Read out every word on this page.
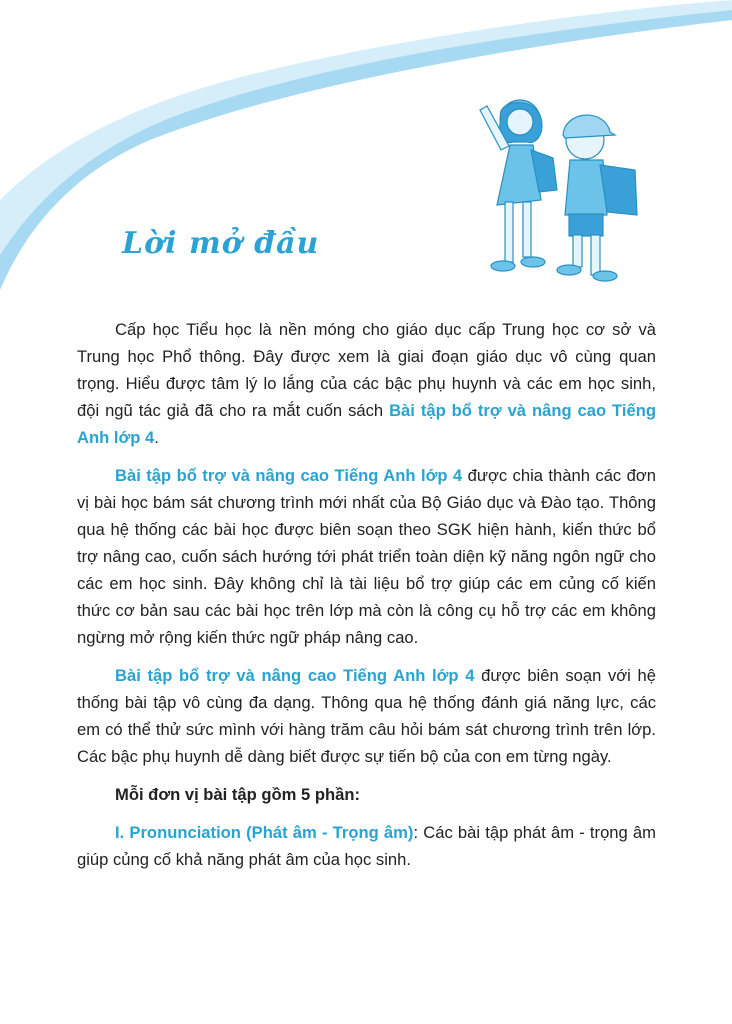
Lời mở đầu

Cấp học Tiểu học là nền móng cho giáo dục cấp Trung học cơ sở và Trung học Phổ thông. Đây được xem là giai đoạn giáo dục vô cùng quan trọng. Hiểu được tâm lý lo lắng của các bậc phụ huynh và các em học sinh, đội ngũ tác giả đã cho ra mắt cuốn sách Bài tập bổ trợ và nâng cao Tiếng Anh lớp 4.

Bài tập bổ trợ và nâng cao Tiếng Anh lớp 4 được chia thành các đơn vị bài học bám sát chương trình mới nhất của Bộ Giáo dục và Đào tạo. Thông qua hệ thống các bài học được biên soạn theo SGK hiện hành, kiến thức bổ trợ nâng cao, cuốn sách hướng tới phát triển toàn diện kỹ năng ngôn ngữ cho các em học sinh. Đây không chỉ là tài liệu bổ trợ giúp các em củng cố kiến thức cơ bản sau các bài học trên lớp mà còn là công cụ hỗ trợ các em không ngừng mở rộng kiến thức ngữ pháp nâng cao.

Bài tập bổ trợ và nâng cao Tiếng Anh lớp 4 được biên soạn với hệ thống bài tập vô cùng đa dạng. Thông qua hệ thống đánh giá năng lực, các em có thể thử sức mình với hàng trăm câu hỏi bám sát chương trình trên lớp. Các bậc phụ huynh dễ dàng biết được sự tiến bộ của con em từng ngày.

Mỗi đơn vị bài tập gồm 5 phần:

I. Pronunciation (Phát âm - Trọng âm): Các bài tập phát âm - trọng âm giúp củng cố khả năng phát âm của học sinh.
